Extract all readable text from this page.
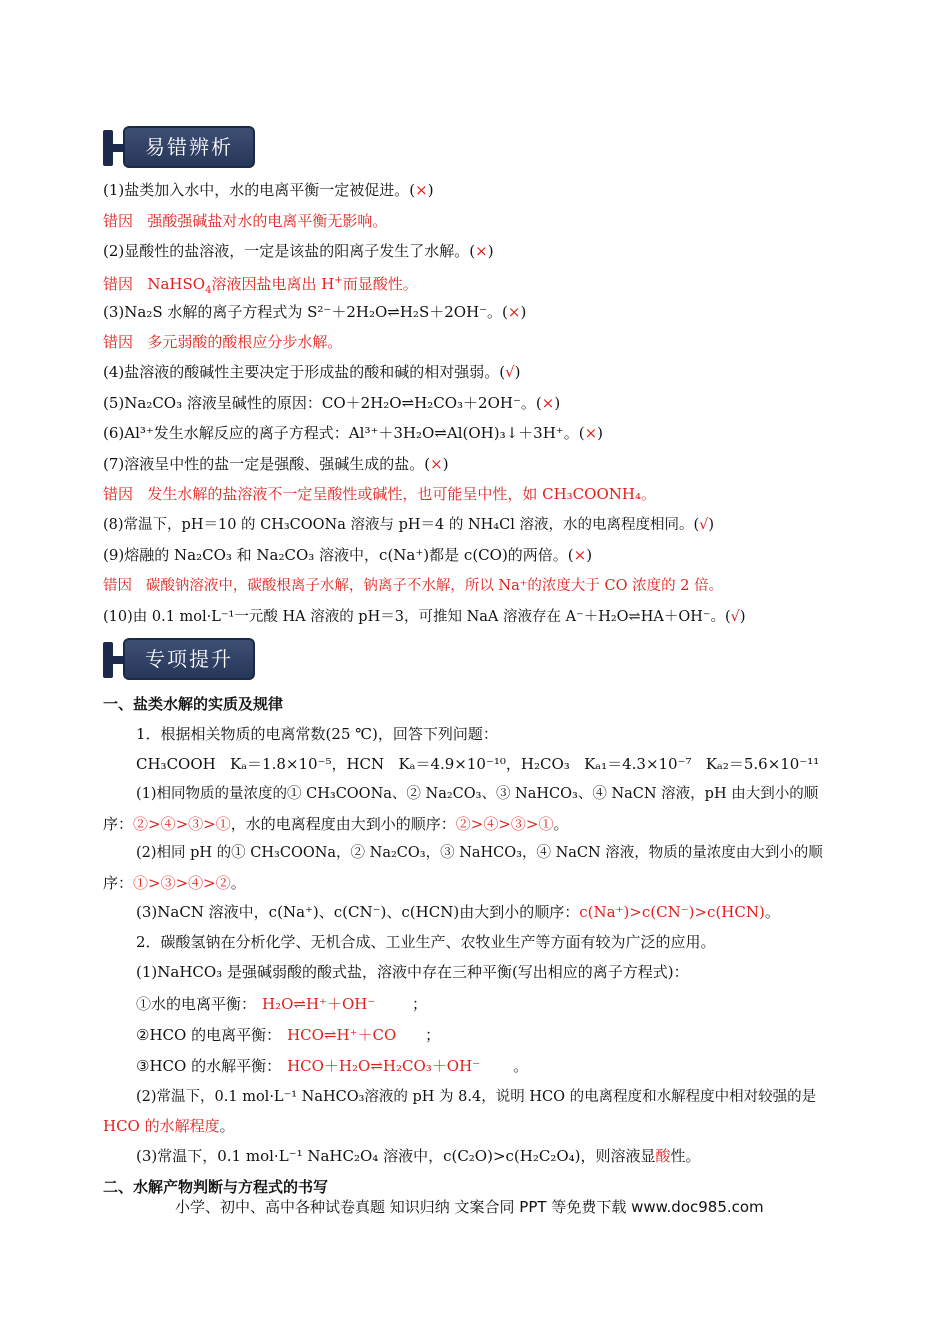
易错辨析
(1)盐类加入水中，水的电离平衡一定被促进。(×)
错因 强酸强碱盐对水的电离平衡无影响。
(2)显酸性的盐溶液，一定是该盐的阳离子发生了水解。(×)
错因 NaHSO$_4$溶液因盐电离出 H+而显酸性。
(3)Na₂S 水解的离子方程式为 S²⁻＋2H₂O⇌H₂S＋2OH⁻。(×)
错因 多元弱酸的酸根应分步水解。
(4)盐溶液的酸碱性主要决定于形成盐的酸和碱的相对强弱。(√)
(5)Na₂CO₃ 溶液呈碱性的原因：CO＋2H₂O⇌H₂CO₃＋2OH⁻。(×)
(6)Al³⁺发生水解反应的离子方程式：Al³⁺＋3H₂O⇌Al(OH)₃↓＋3H⁺。(×)
(7)溶液呈中性的盐一定是强酸、强碱生成的盐。(×)
错因 发生水解的盐溶液不一定呈酸性或碱性，也可能呈中性，如 CH₃COONH₄。
(8)常温下，pH＝10 的 CH₃COONa 溶液与 pH＝4 的 NH₄Cl 溶液，水的电离程度相同。(√)
(9)熔融的 Na₂CO₃ 和 Na₂CO₃ 溶液中，c(Na⁺)都是 c(CO)的两倍。(×)
错因 碳酸钠溶液中，碳酸根离子水解，钠离子不水解，所以 Na⁺的浓度大于 CO 浓度的 2 倍。
(10)由 0.1 mol·L⁻¹一元酸 HA 溶液的 pH＝3，可推知 NaA 溶液存在 A⁻＋H₂O⇌HA＋OH⁻。(√)
专项提升
一、盐类水解的实质及规律
1．根据相关物质的电离常数(25 ℃)，回答下列问题：
CH₃COOH   Kₐ＝1.8×10⁻⁵，HCN   Kₐ＝4.9×10⁻¹⁰，H₂CO₃   Kₐ₁＝4.3×10⁻⁷   Kₐ₂＝5.6×10⁻¹¹
(1)相同物质的量浓度的① CH₃COONa、② Na₂CO₃、③ NaHCO₃、④ NaCN 溶液，pH 由大到小的顺
序：②>④>③>①，水的电离程度由大到小的顺序：②>④>③>①。
(2)相同 pH 的① CH₃COONa，② Na₂CO₃，③ NaHCO₃，④ NaCN 溶液，物质的量浓度由大到小的顺
序：①>③>④>②。
(3)NaCN 溶液中，c(Na⁺)、c(CN⁻)、c(HCN)由大到小的顺序：c(Na⁺)>c(CN⁻)>c(HCN)。
2．碳酸氢钠在分析化学、无机合成、工业生产、农牧业生产等方面有较为广泛的应用。
(1)NaHCO₃ 是强碱弱酸的酸式盐，溶液中存在三种平衡(写出相应的离子方程式)：
①水的电离平衡： H₂O⇌H⁺＋OH⁻ ；
②HCO 的电离平衡： HCO⇌H⁺＋CO ；
③HCO 的水解平衡： HCO＋H₂O⇌H₂CO₃＋OH⁻ 。
(2)常温下，0.1 mol·L⁻¹ NaHCO₃溶液的 pH 为 8.4，说明 HCO 的电离程度和水解程度中相对较强的是
HCO 的水解程度。
(3)常温下，0.1 mol·L⁻¹ NaHC₂O₄ 溶液中，c(C₂O)>c(H₂C₂O₄)，则溶液显酸性。
二、水解产物判断与方程式的书写
小学、初中、高中各种试卷真题 知识归纳 文案合同 PPT 等免费下载 www.doc985.com
